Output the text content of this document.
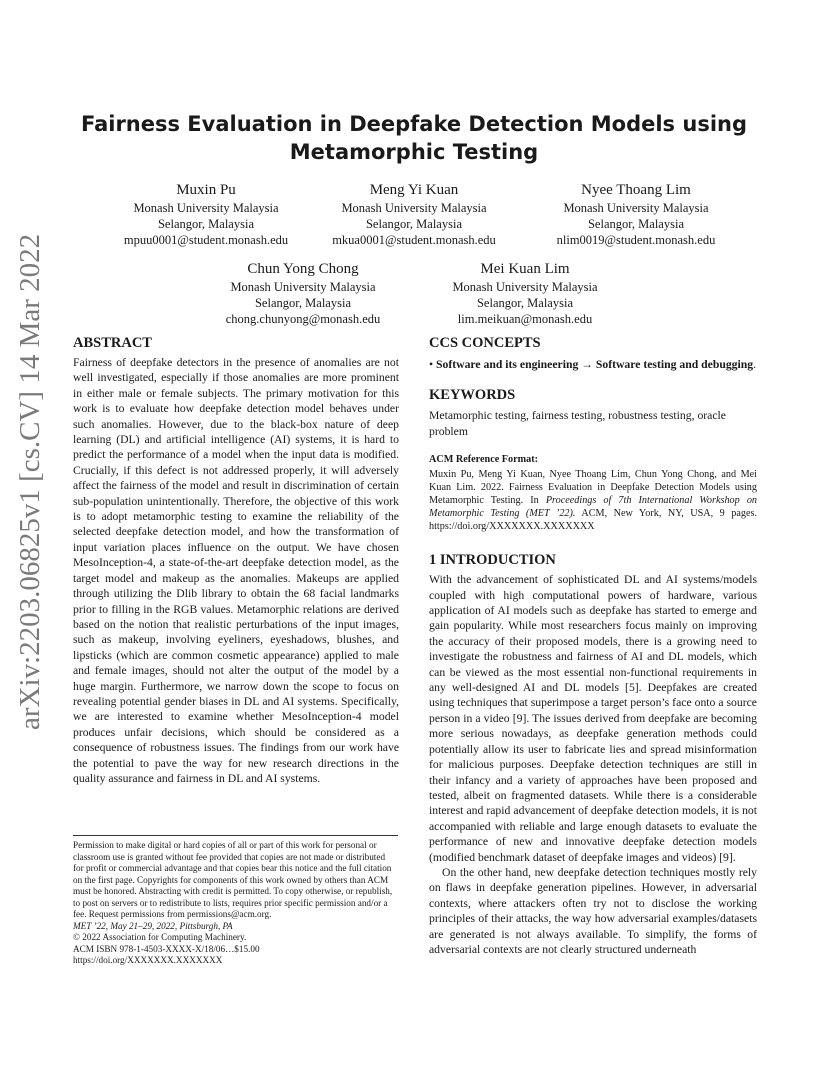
arXiv:2203.06825v1 [cs.CV] 14 Mar 2022
Fairness Evaluation in Deepfake Detection Models using
Metamorphic Testing
Muxin Pu
Monash University Malaysia
Selangor, Malaysia
mpuu0001@student.monash.edu
Meng Yi Kuan
Monash University Malaysia
Selangor, Malaysia
mkua0001@student.monash.edu
Nyee Thoang Lim
Monash University Malaysia
Selangor, Malaysia
nlim0019@student.monash.edu
Chun Yong Chong
Monash University Malaysia
Selangor, Malaysia
chong.chunyong@monash.edu
Mei Kuan Lim
Monash University Malaysia
Selangor, Malaysia
lim.meikuan@monash.edu
ABSTRACT

Fairness of deepfake detectors in the presence of anomalies are not well investigated, especially if those anomalies are more prominent in either male or female subjects. The primary motivation for this work is to evaluate how deepfake detection model behaves under such anomalies. However, due to the black-box nature of deep learning (DL) and artificial intelligence (AI) systems, it is hard to predict the performance of a model when the input data is modified. Crucially, if this defect is not addressed properly, it will adversely affect the fairness of the model and result in discrimination of certain sub-population unintentionally. Therefore, the objective of this work is to adopt metamorphic testing to examine the reliability of the selected deepfake detection model, and how the transformation of input variation places influence on the output. We have chosen MesoInception-4, a state-of-the-art deepfake detection model, as the target model and makeup as the anomalies. Makeups are applied through utilizing the Dlib library to obtain the 68 facial landmarks prior to filling in the RGB values. Metamorphic relations are derived based on the notion that realistic perturbations of the input images, such as makeup, involving eyeliners, eyeshadows, blushes, and lipsticks (which are common cosmetic appearance) applied to male and female images, should not alter the output of the model by a huge margin. Furthermore, we narrow down the scope to focus on revealing potential gender biases in DL and AI systems. Specifically, we are interested to examine whether MesoInception-4 model produces unfair decisions, which should be considered as a consequence of robustness issues. The findings from our work have the potential to pave the way for new research directions in the quality assurance and fairness in DL and AI systems.

Permission to make digital or hard copies of all or part of this work for personal or
classroom use is granted without fee provided that copies are not made or distributed
for profit or commercial advantage and that copies bear this notice and the full citation
on the first page. Copyrights for components of this work owned by others than ACM
must be honored. Abstracting with credit is permitted. To copy otherwise, or republish,
to post on servers or to redistribute to lists, requires prior specific permission and/or a
fee. Request permissions from permissions@acm.org.
MET ’22, May 21–29, 2022, Pittsburgh, PA
© 2022 Association for Computing Machinery.
ACM ISBN 978-1-4503-XXXX-X/18/06…$15.00
https://doi.org/XXXXXXX.XXXXXXX
CCS CONCEPTS

• Software and its engineering → Software testing and debugging.

KEYWORDS

Metamorphic testing, fairness testing, robustness testing, oracle problem

ACM Reference Format:

Muxin Pu, Meng Yi Kuan, Nyee Thoang Lim, Chun Yong Chong, and Mei Kuan Lim. 2022. Fairness Evaluation in Deepfake Detection Models using Metamorphic Testing. In Proceedings of 7th International Workshop on Metamorphic Testing (MET ’22). ACM, New York, NY, USA, 9 pages. https://doi.org/XXXXXXX.XXXXXXX

1 INTRODUCTION

With the advancement of sophisticated DL and AI systems/models coupled with high computational powers of hardware, various application of AI models such as deepfake has started to emerge and gain popularity. While most researchers focus mainly on improving the accuracy of their proposed models, there is a growing need to investigate the robustness and fairness of AI and DL models, which can be viewed as the most essential non-functional requirements in any well-designed AI and DL models [5]. Deepfakes are created using techniques that superimpose a target person’s face onto a source person in a video [9]. The issues derived from deepfake are becoming more serious nowadays, as deepfake generation methods could potentially allow its user to fabricate lies and spread misinformation for malicious purposes. Deepfake detection techniques are still in their infancy and a variety of approaches have been proposed and tested, albeit on fragmented datasets. While there is a considerable interest and rapid advancement of deepfake detection models, it is not accompanied with reliable and large enough datasets to evaluate the performance of new and innovative deepfake detection models (modified benchmark dataset of deepfake images and videos) [9].

On the other hand, new deepfake detection techniques mostly rely on flaws in deepfake generation pipelines. However, in adversarial contexts, where attackers often try not to disclose the working principles of their attacks, the way how adversarial examples/datasets are generated is not always available. To simplify, the forms of adversarial contexts are not clearly structured underneath
